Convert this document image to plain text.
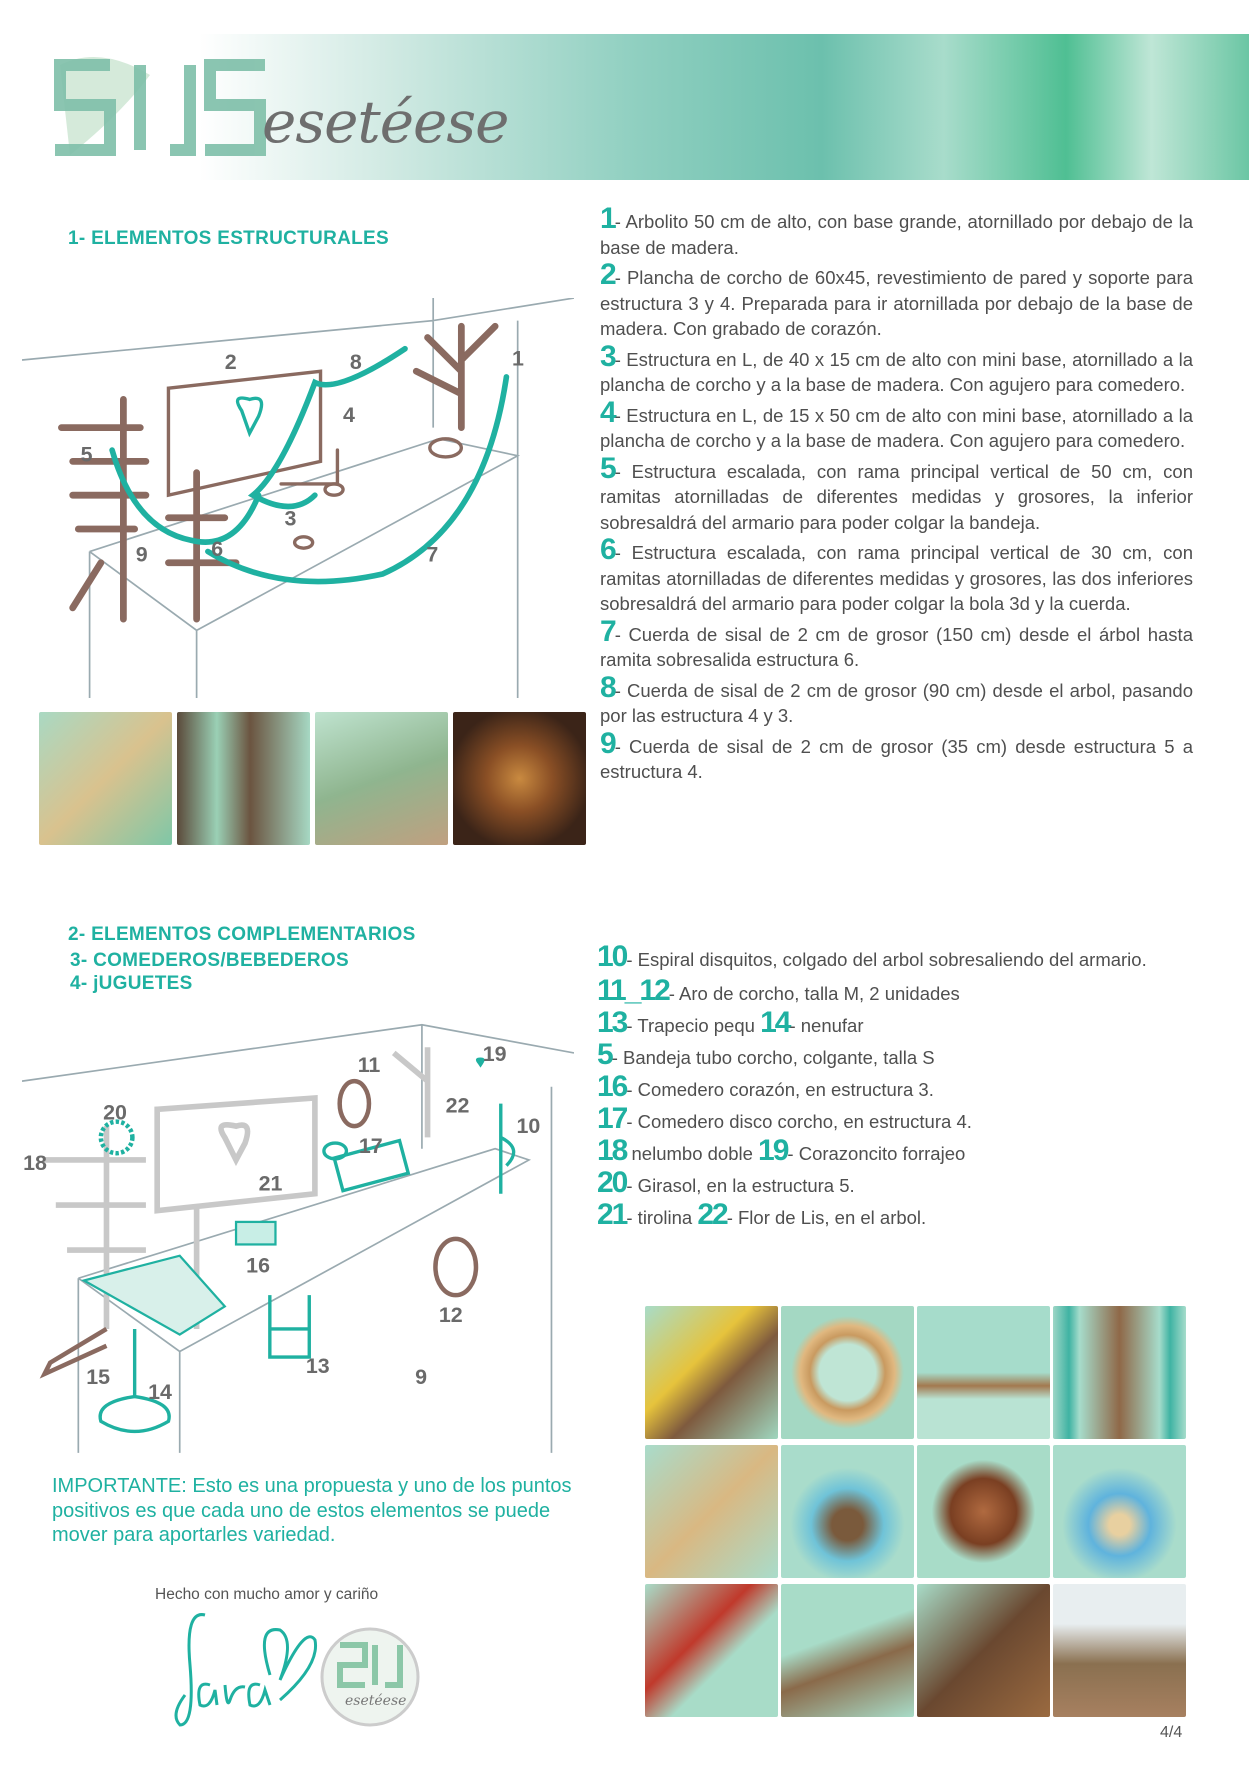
esetéese
1- ELEMENTOS ESTRUCTURALES
1
2
3
4
5
6	7
8
9

1- Arbolito 50 cm de alto, con base grande, atornillado por debajo de la base de madera.

2- Plancha de corcho de 60x45, revestimiento de pared y soporte para estructura 3 y 4. Preparada para ir atornillada por debajo de la base de madera. Con grabado de corazón.

3- Estructura en L, de 40 x 15 cm de alto con mini base, atornillado a la plancha de corcho y a la base de madera. Con agujero para comedero.

4- Estructura en L, de 15 x 50 cm de alto con mini base, atornillado a la plancha de corcho y a la base de madera. Con agujero para comedero.

5- Estructura escalada, con rama principal vertical de 50 cm, con ramitas atornilladas de diferentes medidas y grosores, la inferior sobresaldrá del armario para poder colgar la bandeja.

6- Estructura escalada, con rama principal vertical de 30 cm, con ramitas atornilladas de diferentes medidas y grosores, las dos inferiores sobresaldrá del armario para poder colgar la bola 3d y la cuerda.

7- Cuerda de sisal de 2 cm de grosor (150 cm) desde el árbol hasta ramita sobresalida estructura 6.

8- Cuerda de sisal de 2 cm de grosor (90 cm) desde el arbol, pasando por las estructura 4 y 3.

9- Cuerda de sisal de 2 cm de grosor (35 cm) desde estructura 5 a estructura 4.

2- ELEMENTOS COMPLEMENTARIOS
3- COMEDEROS/BEBEDEROS
4- jUGUETES
10
11
12
13
14
15
16
17
18
19
20
21
22
9

10- Espiral disquitos, colgado del arbol sobresaliendo del armario.

11_12- Aro de corcho, talla M, 2 unidades

13- Trapecio pequ 14- nenufar

5- Bandeja tubo corcho, colgante, talla S

16- Comedero corazón, en estructura 3.

17- Comedero disco corcho, en estructura 4.

18 nelumbo doble 19- Corazoncito forrajeo

20- Girasol, en la estructura 5.

21- tirolina 22- Flor de Lis, en el arbol.

IMPORTANTE: Esto es una propuesta y uno de los puntos positivos es que cada uno de estos elementos se puede mover para aportarles variedad.
Hecho con mucho amor y cariño
esetéese
4/4
